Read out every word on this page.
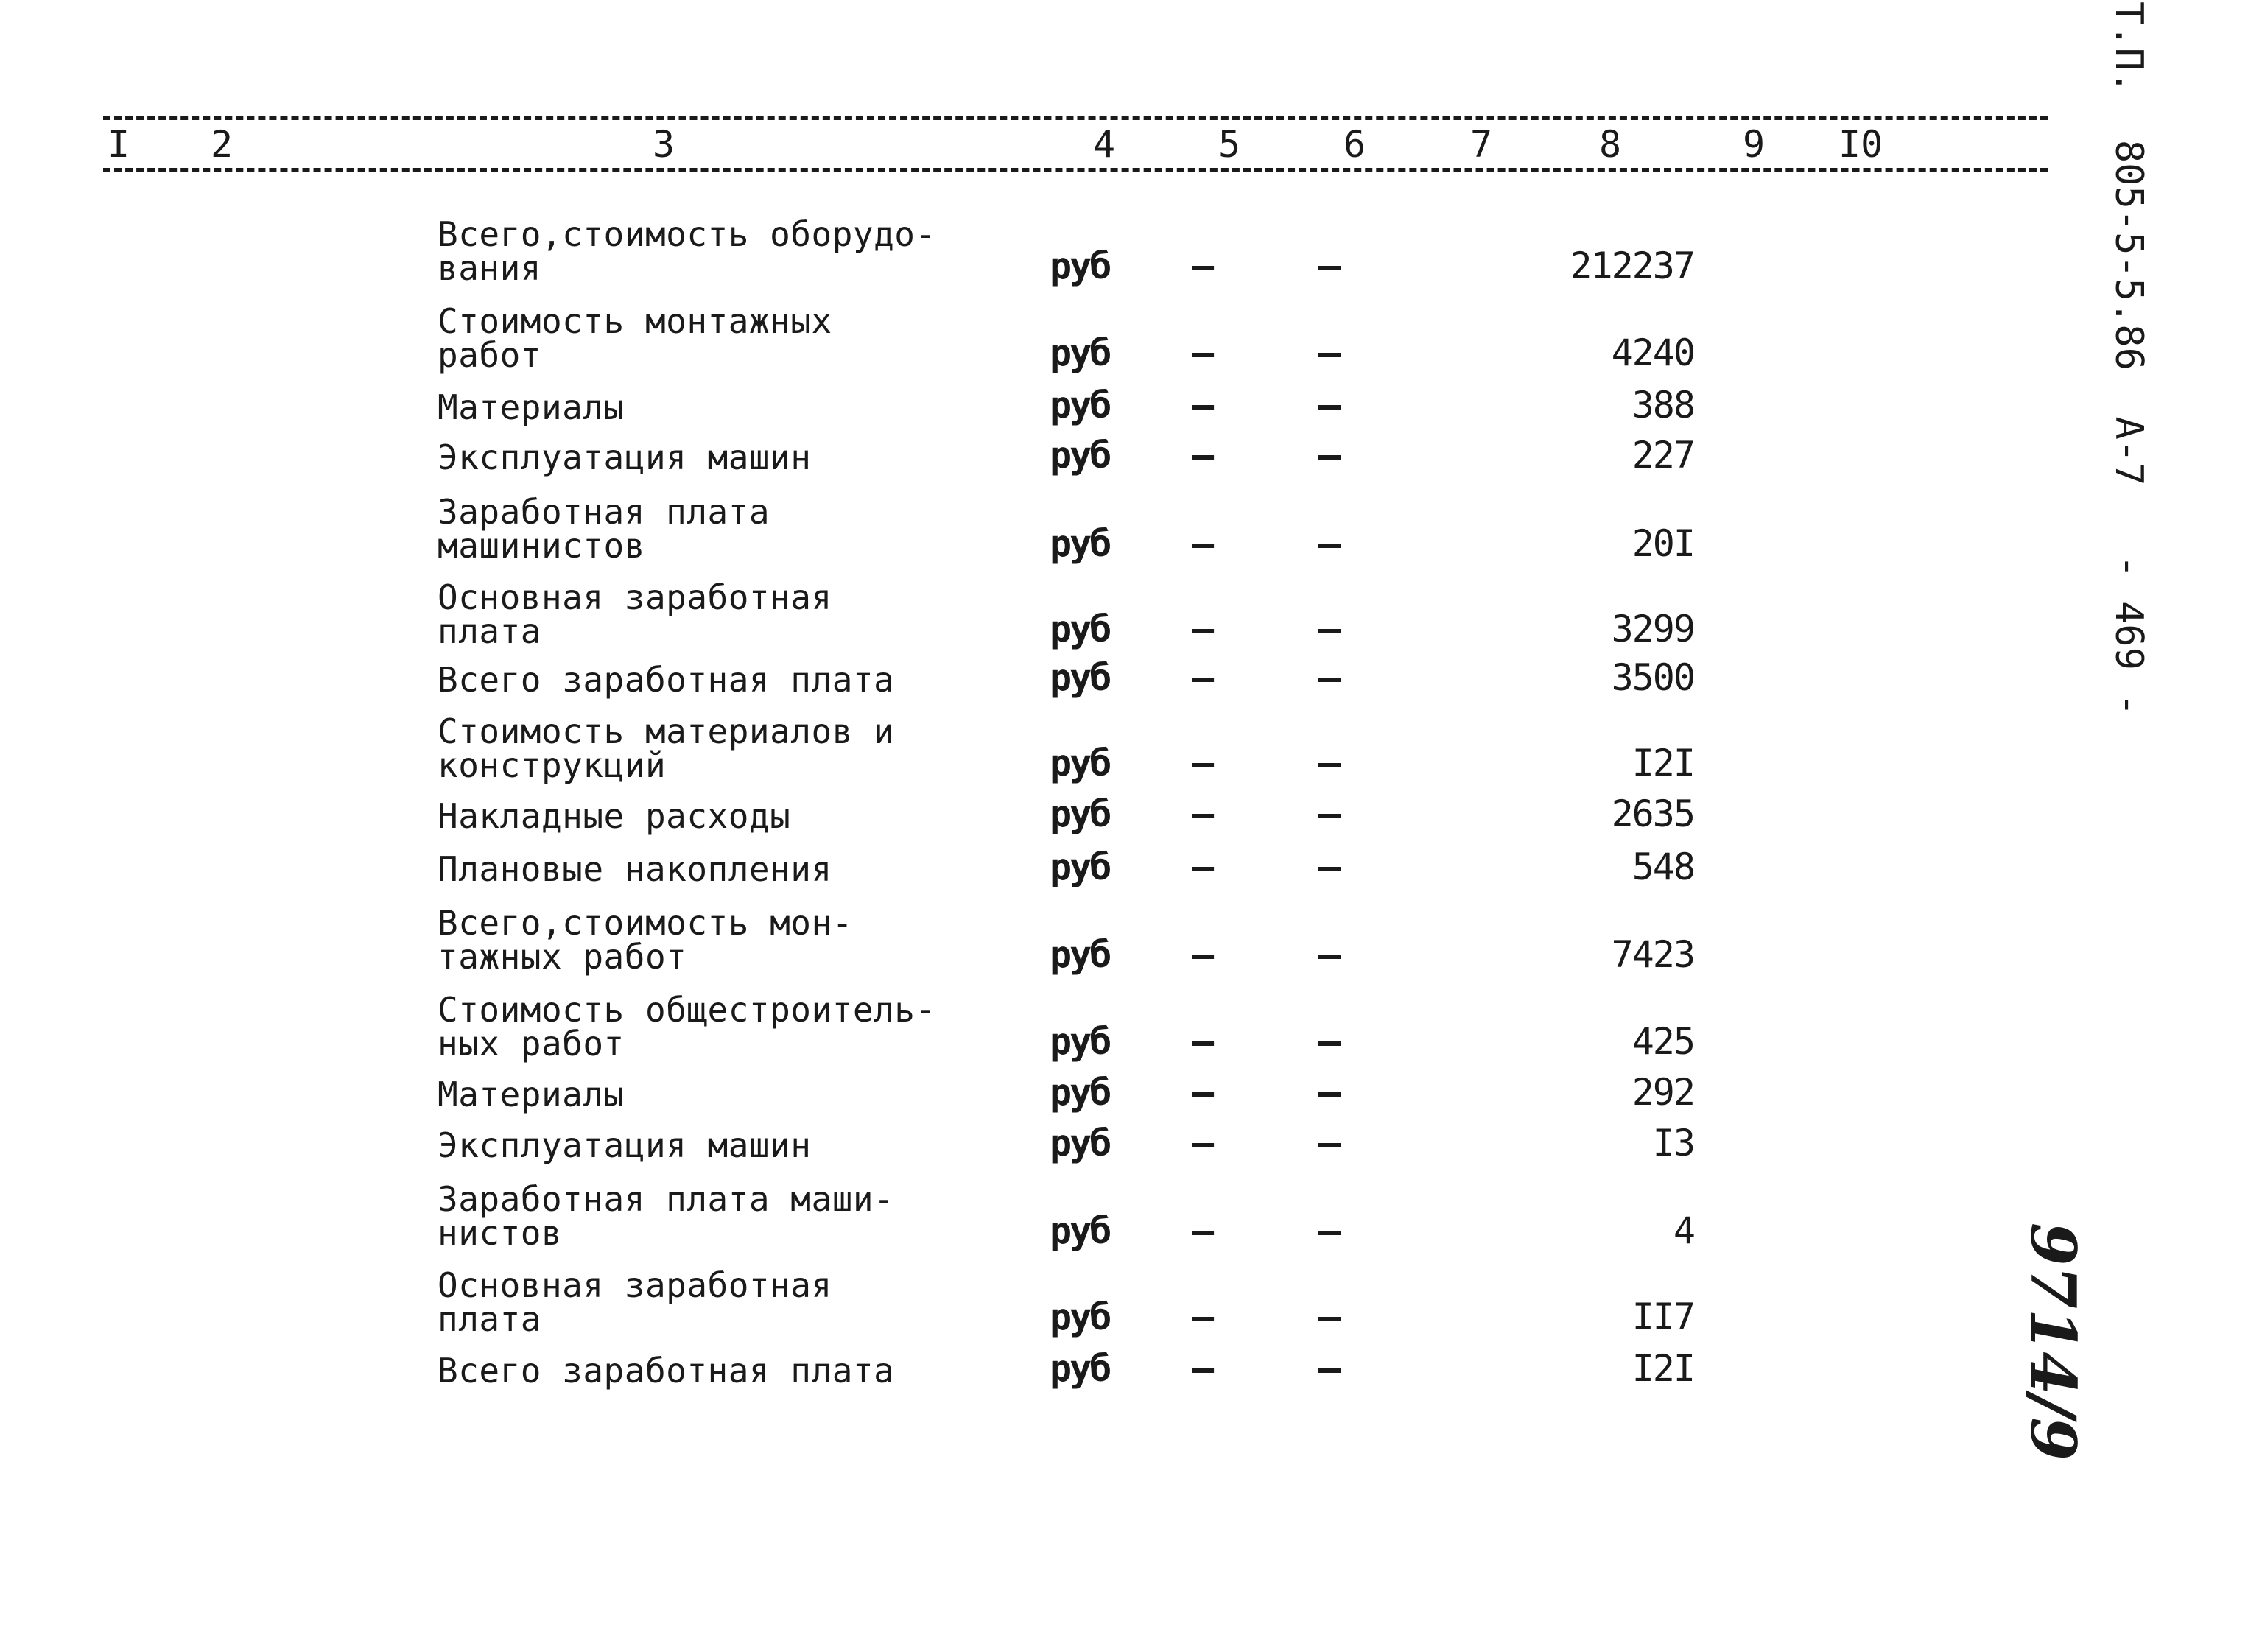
I 2	3	4	5	6	7	8	9 I0
Всего,стоимость оборудо-
вания	руб –	–	212237
Стоимость монтажных
работ	руб –	–	4240
Материалы	руб –	–	388
Эксплуатация машин	руб –	–	227
Заработная плата
машинистов	руб –	–	20I
Основная заработная
плата	руб –	–	3299
Всего заработная плата	руб –	–	3500
Стоимость материалов и
конструкций	руб –	–	I2I
Накладные расходы	руб –	–	2635
Плановые накопления	руб –	–	548
Всего,стоимость мон-
тажных работ	руб –	–	7423
Стоимость общестроитель-
ных работ	руб –	–	425
Материалы	руб –	–	292
Эксплуатация машин	руб –	–	I3
Заработная плата маши-
нистов	руб –	–	4
Основная заработная
плата	руб –	–	II7
Всего заработная плата	руб –	–	I2I
Т.П.  805-5-5.86  А-7   - 469 -
9714/9
